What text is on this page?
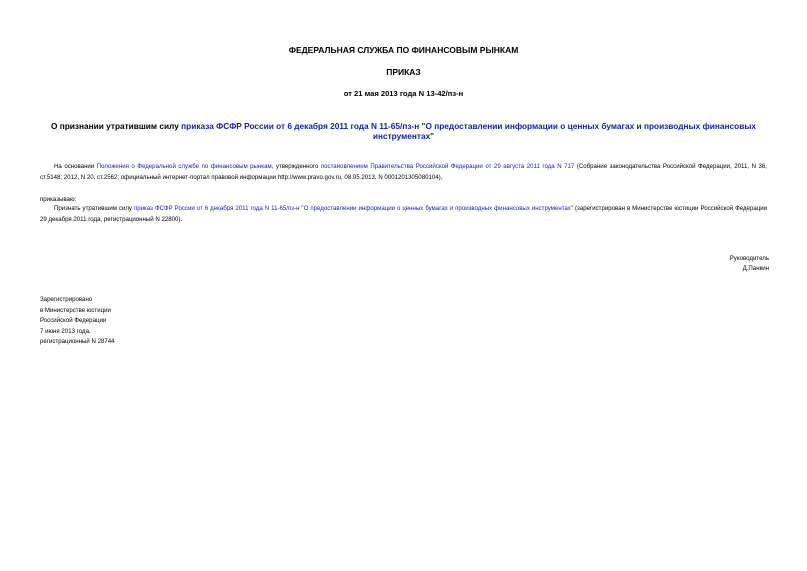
ФЕДЕРАЛЬНАЯ СЛУЖБА ПО ФИНАНСОВЫМ РЫНКАМ
ПРИКАЗ
от 21 мая 2013 года N 13-42/пз-н
О признании утратившим силу приказа ФСФР России от 6 декабря 2011 года N 11-65/пз-н "О предоставлении информации о ценных бумагах и производных финансовых инструментах"
На основании Положения о Федеральной службе по финансовым рынкам, утвержденного постановлением Правительства Российской Федерации от 29 августа 2011 года N 717 (Собрание законодательства Российской Федерации, 2011, N 36, ст.5148; 2012, N 20, ст.2562; официальный интернет-портал правовой информации http://www.pravo.gov.ru, 08.05.2013, N 0001201305080104),
приказываю:
Признать утратившим силу приказ ФСФР России от 6 декабря 2011 года N 11-65/пз-н "О предоставлении информации о ценных бумагах и производных финансовых инструментах" (зарегистрирован в Министерстве юстиции Российской Федерации 29 декабря 2011 года, регистрационный N 22800).
Руководитель
Д.Панкин
Зарегистрировано
в Министерстве юстиции
Российской Федерации
7 июня 2013 года,
регистрационный N 28744
